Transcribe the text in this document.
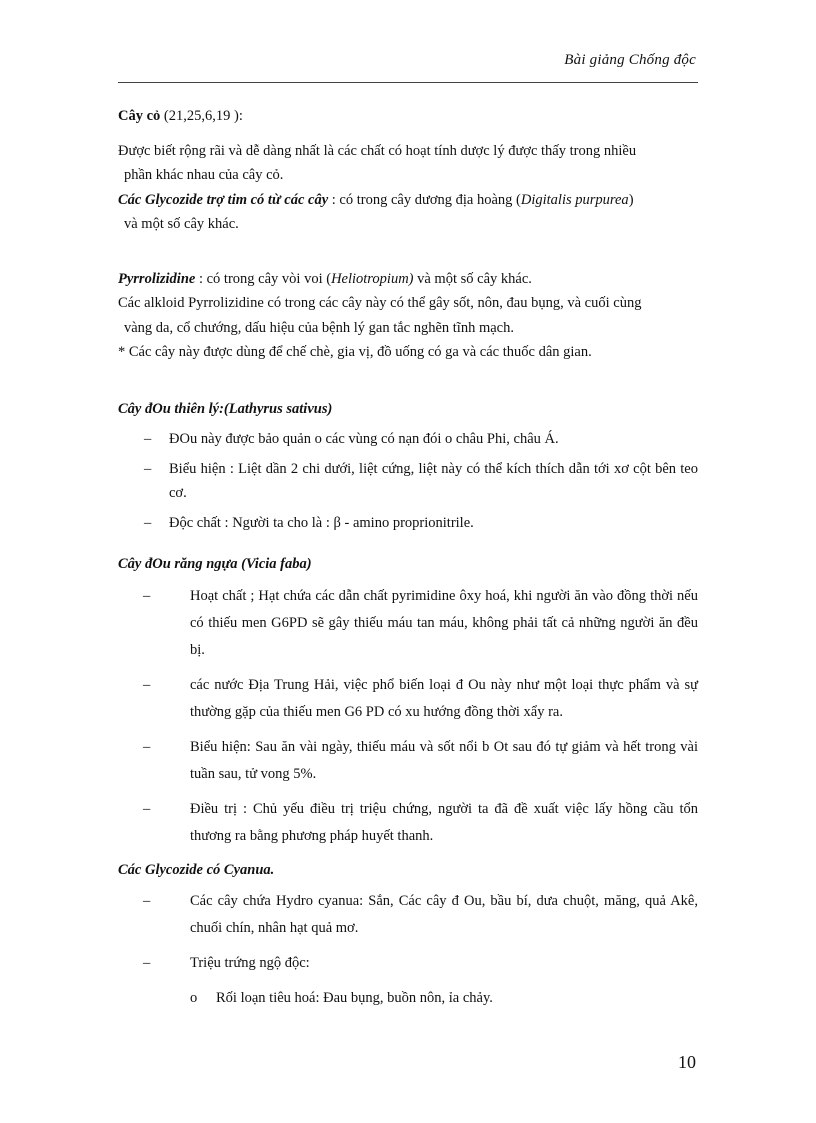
Bài giảng Chống độc
Cây cỏ (21,25,6,19 ):
Được biết rộng rãi và dễ dàng nhất là các chất có hoạt tính dược lý được thấy trong nhiều
phần khác nhau của cây cỏ.
Các Glycozide trợ tim có từ các cây : có trong cây dương địa hoàng (Digitalis purpurea)
và một số cây khác.
Pyrrolizidine : có trong cây vòi voi (Heliotropium) và một số cây khác.
Các alkloid Pyrrolizidine có trong các cây này có thể gây sốt, nôn, đau bụng, và cuối cùng
vàng da, cổ chướng, dấu hiệu của bệnh lý gan tắc nghẽn tĩnh mạch.
* Các cây này được dùng để chế chè, gia vị, đồ uống có ga và các thuốc dân gian.
Cây đOu thiên lý:(Lathyrus sativus)
– ĐOu này được bảo quản o các vùng có nạn đói o châu Phi, châu Á.
– Biểu hiện : Liệt dần 2 chi dưới, liệt cứng, liệt này có thể kích thích dẫn tới xơ cột bên teo cơ.
– Độc chất : Người ta cho là : β - amino proprionitrile.
Cây đOu răng ngựa (Vicia faba)
–	Hoạt chất ; Hạt chứa các dẫn chất pyrimidine ôxy hoá, khi người ăn vào đồng thời nếu có thiếu men G6PD sẽ gây thiếu máu tan máu, không phải tất cả những người ăn đều bị.
–	các nước Địa Trung Hải, việc phổ biến loại đ Ou này như một loại thực phẩm và sự thường gặp của thiếu men G6 PD có xu hướng đồng thời xẩy ra.
–	Biểu hiện: Sau ăn vài ngày, thiếu máu và sốt nổi b Ot sau đó tự giảm và hết trong vài tuần sau, tử vong 5%.
–	Điều trị : Chủ yếu điều trị triệu chứng, người ta đã đề xuất việc lấy hồng cầu tổn thương ra bằng phương pháp huyết thanh.
Các Glycozide có Cyanua.
–	Các cây chứa Hydro cyanua: Sắn, Các cây đ Ou, bầu bí, dưa chuột, măng, quả Akê, chuối chín, nhân hạt quả mơ.
–	Triệu trứng ngộ độc:
o Rối loạn tiêu hoá: Đau bụng, buồn nôn, ỉa chảy.
10
